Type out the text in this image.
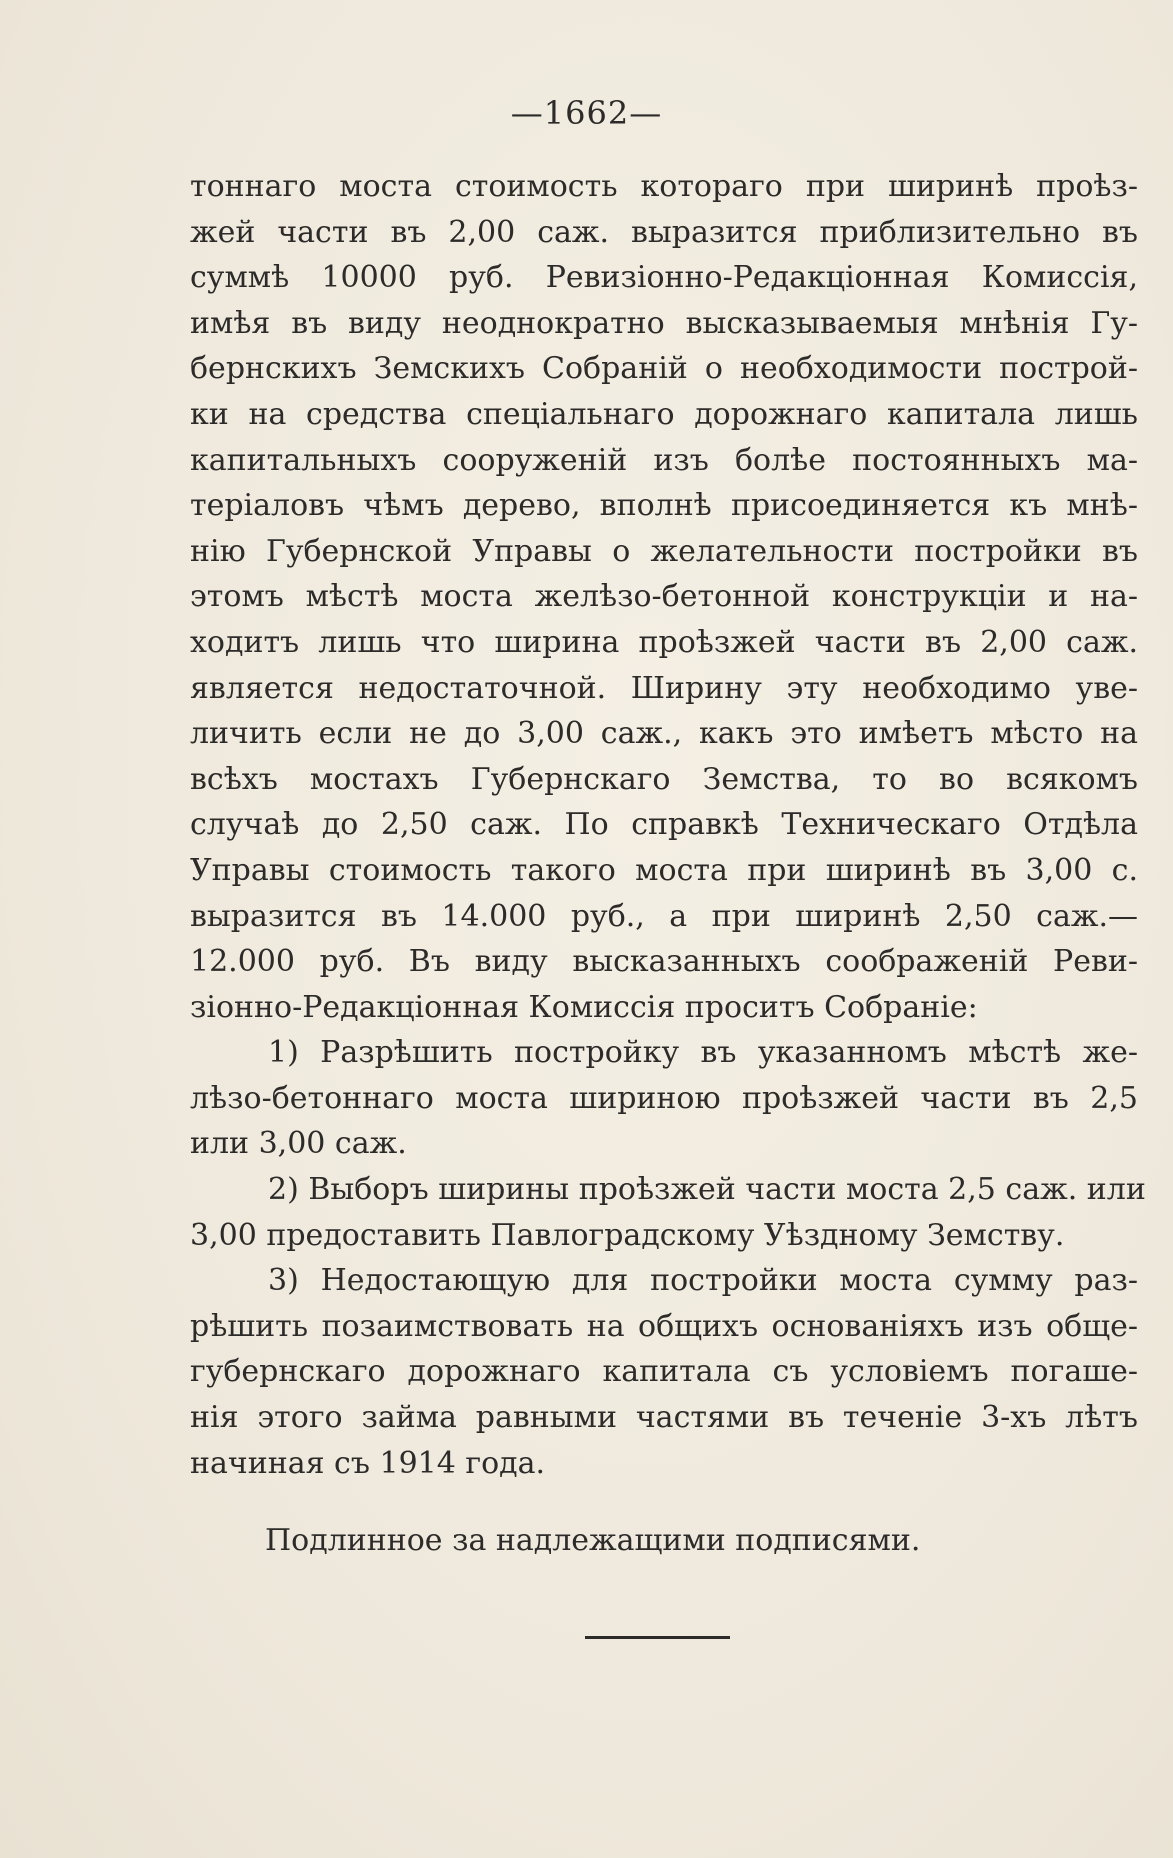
—1662—
тоннаго моста стоимость котораго при ширинѣ проѣз-
жей части въ 2,00 саж. выразится приблизительно въ
суммѣ 10000 руб. Ревизіонно-Редакціонная Комиссія,
имѣя въ виду неоднократно высказываемыя мнѣнія Гу-
бернскихъ Земскихъ Собраній о необходимости построй-
ки на средства спеціальнаго дорожнаго капитала лишь
капитальныхъ сооруженій изъ болѣе постоянныхъ ма-
теріаловъ чѣмъ дерево, вполнѣ присоединяется къ мнѣ-
нію Губернской Управы о желательности постройки въ
этомъ мѣстѣ моста желѣзо-бетонной конструкціи и на-
ходитъ лишь что ширина проѣзжей части въ 2,00 саж.
является недостаточной. Ширину эту необходимо уве-
личить если не до 3,00 саж., какъ это имѣетъ мѣсто на
всѣхъ мостахъ Губернскаго Земства, то во всякомъ
случаѣ до 2,50 саж. По справкѣ Техническаго Отдѣла
Управы стоимость такого моста при ширинѣ въ 3,00 с.
выразится въ 14.000 руб., а при ширинѣ 2,50 саж.—
12.000 руб. Въ виду высказанныхъ соображеній Реви-
зіонно-Редакціонная Комиссія проситъ Собраніе:
1) Разрѣшить постройку въ указанномъ мѣстѣ же-
лѣзо-бетоннаго моста шириною проѣзжей части въ 2,5
или 3,00 саж.
2) Выборъ ширины проѣзжей части моста 2,5 саж. или
3,00 предоставить Павлоградскому Уѣздному Земству.
3) Недостающую для постройки моста сумму раз-
рѣшить позаимствовать на общихъ основаніяхъ изъ обще-
губернскаго дорожнаго капитала съ условіемъ погаше-
нія этого займа равными частями въ теченіе 3-хъ лѣтъ
начиная съ 1914 года.
Подлинное за надлежащими подписями.
